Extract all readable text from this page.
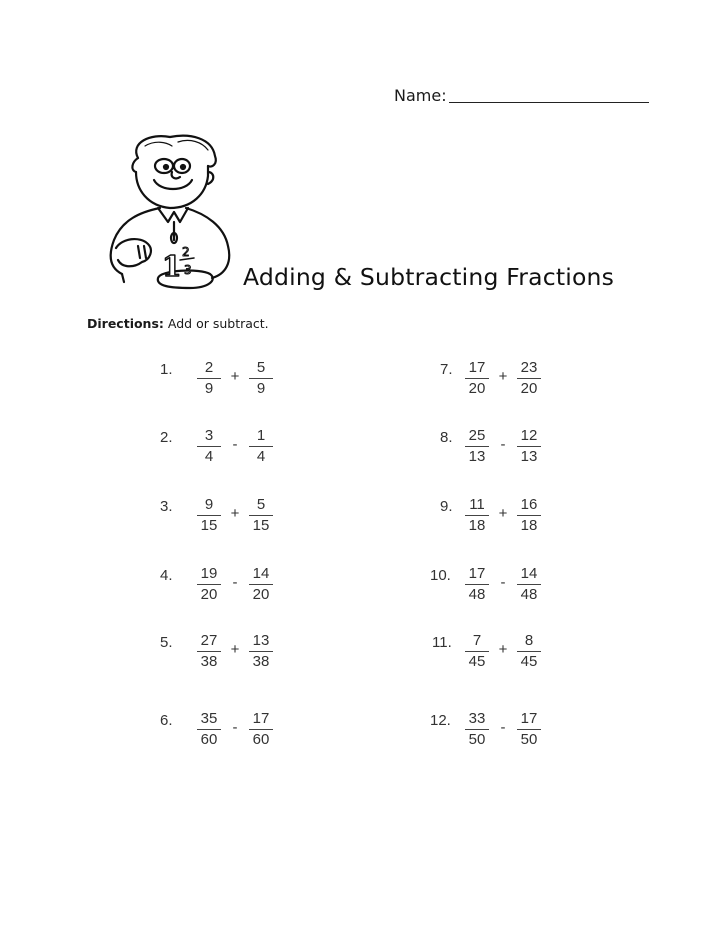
Name:
1 2
3 Adding & Subtracting Fractions
Directions: Add or subtract.
1. $\frac{2}{9} + \frac{5}{9}$
2. $\frac{3}{4} - \frac{1}{4}$
3. $\frac{9}{15} + \frac{5}{15}$
4. $\frac{19}{20} - \frac{14}{20}$
5. $\frac{27}{38} + \frac{13}{38}$
6. $\frac{35}{60} - \frac{17}{60}$
7. $\frac{17}{20} + \frac{23}{20}$
8. $\frac{25}{13} - \frac{12}{13}$
9. $\frac{11}{18} + \frac{16}{18}$
10. $\frac{17}{48} - \frac{14}{48}$
11. $\frac{7}{45} + \frac{8}{45}$
12. $\frac{33}{50} - \frac{17}{50}$
